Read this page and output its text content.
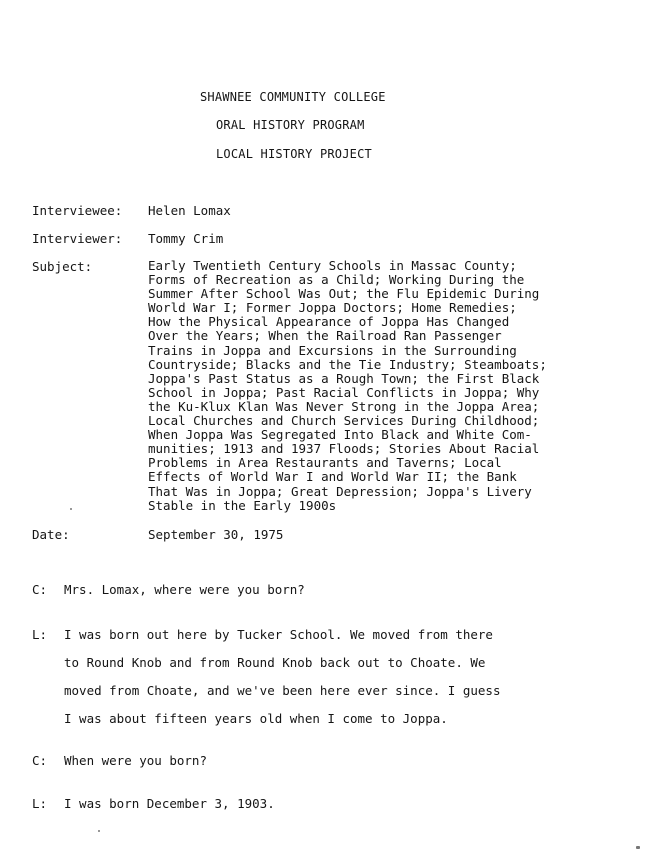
SHAWNEE COMMUNITY COLLEGE
ORAL HISTORY PROGRAM
LOCAL HISTORY PROJECT
Interviewee: Helen Lomax
Interviewer: Tommy Crim
Subject:	Early Twentieth Century Schools in Massac County;
Forms of Recreation as a Child; Working During the
Summer After School Was Out; the Flu Epidemic During
World War I; Former Joppa Doctors; Home Remedies;
How the Physical Appearance of Joppa Has Changed
Over the Years; When the Railroad Ran Passenger
Trains in Joppa and Excursions in the Surrounding
Countryside; Blacks and the Tie Industry; Steamboats;
Joppa's Past Status as a Rough Town; the First Black
School in Joppa; Past Racial Conflicts in Joppa; Why
the Ku-Klux Klan Was Never Strong in the Joppa Area;
Local Churches and Church Services During Childhood;
When Joppa Was Segregated Into Black and White Com-
munities; 1913 and 1937 Floods; Stories About Racial
Problems in Area Restaurants and Taverns; Local
Effects of World War I and World War II; the Bank
That Was in Joppa; Great Depression; Joppa's Livery
Stable in the Early 1900s
Date:	September 30, 1975
C: Mrs. Lomax, where were you born?
L: I was born out here by Tucker School. We moved from there
to Round Knob and from Round Knob back out to Choate. We
moved from Choate, and we've been here ever since. I guess
I was about fifteen years old when I come to Joppa.
C: When were you born?
L: I was born December 3, 1903.
